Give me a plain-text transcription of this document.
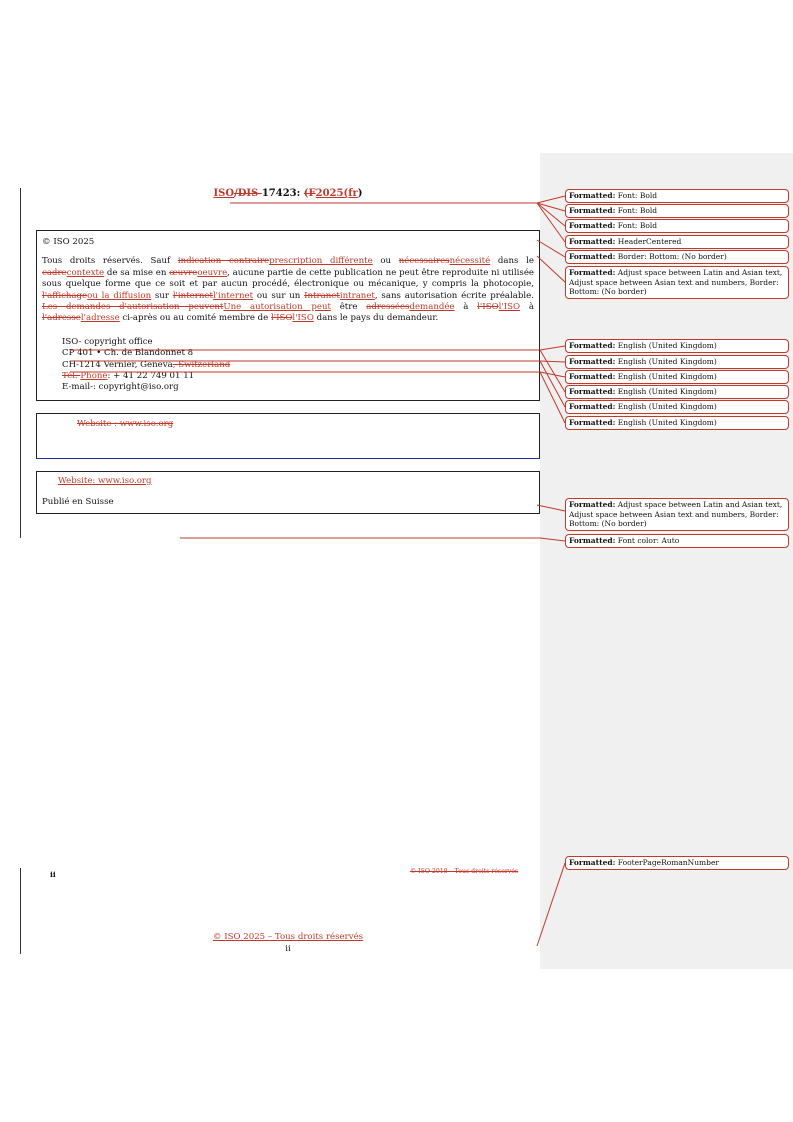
ISO/DIS 17423: (F2025(fr)

© ISO 2025

Tous droits réservés. Sauf indication contraireprescription différente ou nécessairesnécessité dans le cadrecontexte de sa mise en œuvreoeuvre, aucune partie de cette publication ne peut être reproduite ni utilisée sous quelque forme que ce soit et par aucun procédé, électronique ou mécanique, y compris la photocopie, l'affichageou la diffusion sur l'internetl'internet ou sur un Intranetintranet, sans autorisation écrite préalable. Les demandes d'autorisation peuventUne autorisation peut être adresséesdemandée à l'ISOl'ISO à l'adressel'adresse ci-après ou au comité membre de l'ISOl'ISO dans le pays du demandeur.

ISO- copyright office

CP 401 • Ch. de Blandonnet 8

CH-1214 Vernier, Geneva, Switzerland

Tél. Phone: + 41 22 749 01 11

E-mail-: copyright@iso.org

Website : www.iso.org

Website: www.iso.org

Publié en Suisse

ii	© ISO 2018 – Tous droits réservés
© ISO 2025 – Tous droits réservés
ii
Formatted: Font: Bold
Formatted: Font: Bold
Formatted: Font: Bold
Formatted: HeaderCentered
Formatted: Border: Bottom: (No border)
Formatted: Adjust space between Latin and Asian text, Adjust space between Asian text and numbers, Border: Bottom: (No border)
Formatted: English (United Kingdom)
Formatted: English (United Kingdom)
Formatted: English (United Kingdom)
Formatted: English (United Kingdom)
Formatted: English (United Kingdom)
Formatted: English (United Kingdom)
Formatted: Adjust space between Latin and Asian text, Adjust space between Asian text and numbers, Border: Bottom: (No border)
Formatted: Font color: Auto
Formatted: FooterPageRomanNumber
